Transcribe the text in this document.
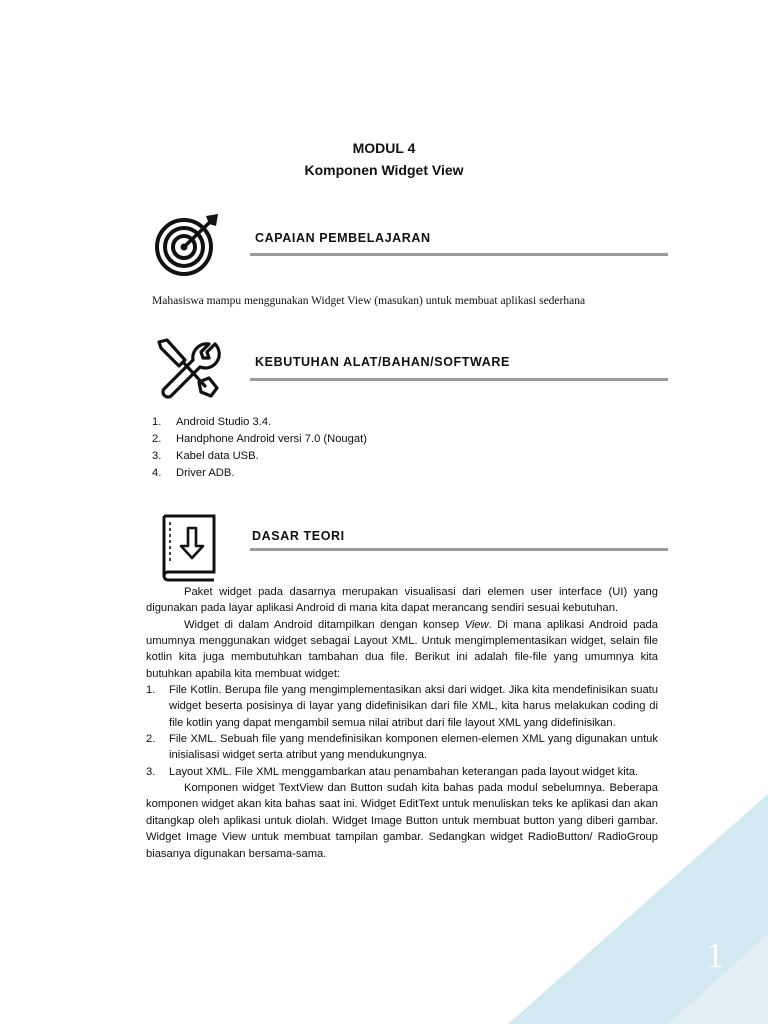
1
MODUL 4
Komponen Widget View
CAPAIAN PEMBELAJARAN
Mahasiswa mampu menggunakan Widget View (masukan) untuk membuat aplikasi sederhana
KEBUTUHAN ALAT/BAHAN/SOFTWARE
1.	Android Studio 3.4.
2.	Handphone Android versi 7.0 (Nougat)
3.	Kabel data USB.
4.	Driver ADB.
DASAR TEORI

Paket widget pada dasarnya merupakan visualisasi dari elemen user interface (UI) yang digunakan pada layar aplikasi Android di mana kita dapat merancang sendiri sesuai kebutuhan.

Widget di dalam Android ditampilkan dengan konsep View. Di mana aplikasi Android pada umumnya menggunakan widget sebagai Layout XML. Untuk mengimplementasikan widget, selain file kotlin kita juga membutuhkan tambahan dua file. Berikut ini adalah file-file yang umumnya kita butuhkan apabila kita membuat widget:

1.	File Kotlin. Berupa file yang mengimplementasikan aksi dari widget. Jika kita mendefinisikan suatu widget beserta posisinya di layar yang didefinisikan dari file XML, kita harus melakukan coding di file kotlin yang dapat mengambil semua nilai atribut dari file layout XML yang didefinisikan.
2.	File XML. Sebuah file yang mendefinisikan komponen elemen-elemen XML yang digunakan untuk inisialisasi widget serta atribut yang mendukungnya.
3.	Layout XML. File XML menggambarkan atau penambahan keterangan pada layout widget kita.

Komponen widget TextView dan Button sudah kita bahas pada modul sebelumnya. Beberapa komponen widget akan kita bahas saat ini. Widget EditText untuk menuliskan teks ke aplikasi dan akan ditangkap oleh aplikasi untuk diolah. Widget Image Button untuk membuat button yang diberi gambar. Widget Image View untuk membuat tampilan gambar. Sedangkan widget RadioButton/ RadioGroup biasanya digunakan bersama-sama.
